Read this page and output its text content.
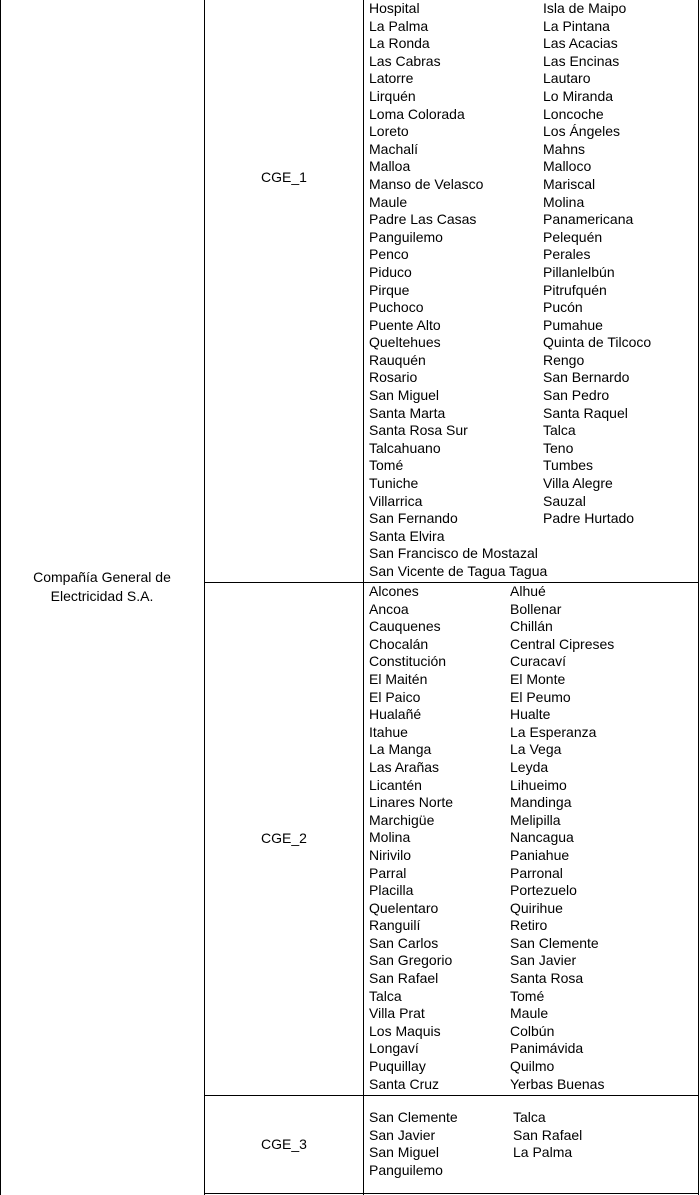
Compañía General de
Electricidad S.A.
CGE_1
CGE_2
CGE_3
Hospital
La Palma
La Ronda
Las Cabras
Latorre
Lirquén
Loma Colorada
Loreto
Machalí
Malloa
Manso de Velasco
Maule
Padre Las Casas
Panguilemo
Penco
Piduco
Pirque
Puchoco
Puente Alto
Queltehues
Rauquén
Rosario
San Miguel
Santa Marta
Santa Rosa Sur
Talcahuano
Tomé
Tuniche
Villarrica
San Fernando
Santa Elvira
San Francisco de Mostazal
San Vicente de Tagua Tagua
Isla de Maipo
La Pintana
Las Acacias
Las Encinas
Lautaro
Lo Miranda
Loncoche
Los Ángeles
Mahns
Malloco
Mariscal
Molina
Panamericana
Pelequén
Perales
Pillanlelbún
Pitrufquén
Pucón
Pumahue
Quinta de Tilcoco
Rengo
San Bernardo
San Pedro
Santa Raquel
Talca
Teno
Tumbes
Villa Alegre
Sauzal
Padre Hurtado
Alcones
Ancoa
Cauquenes
Chocalán
Constitución
El Maitén
El Paico
Hualañé
Itahue
La Manga
Las Arañas
Licantén
Linares Norte
Marchigüe
Molina
Nirivilo
Parral
Placilla
Quelentaro
Ranguilí
San Carlos
San Gregorio
San Rafael
Talca
Villa Prat
Los Maquis
Longaví
Puquillay
Santa Cruz
Alhué
Bollenar
Chillán
Central Cipreses
Curacaví
El Monte
El Peumo
Hualte
La Esperanza
La Vega
Leyda
Lihueimo
Mandinga
Melipilla
Nancagua
Paniahue
Parronal
Portezuelo
Quirihue
Retiro
San Clemente
San Javier
Santa Rosa
Tomé
Maule
Colbún
Panimávida
Quilmo
Yerbas Buenas
San Clemente
San Javier
San Miguel
Panguilemo
Talca
San Rafael
La Palma
